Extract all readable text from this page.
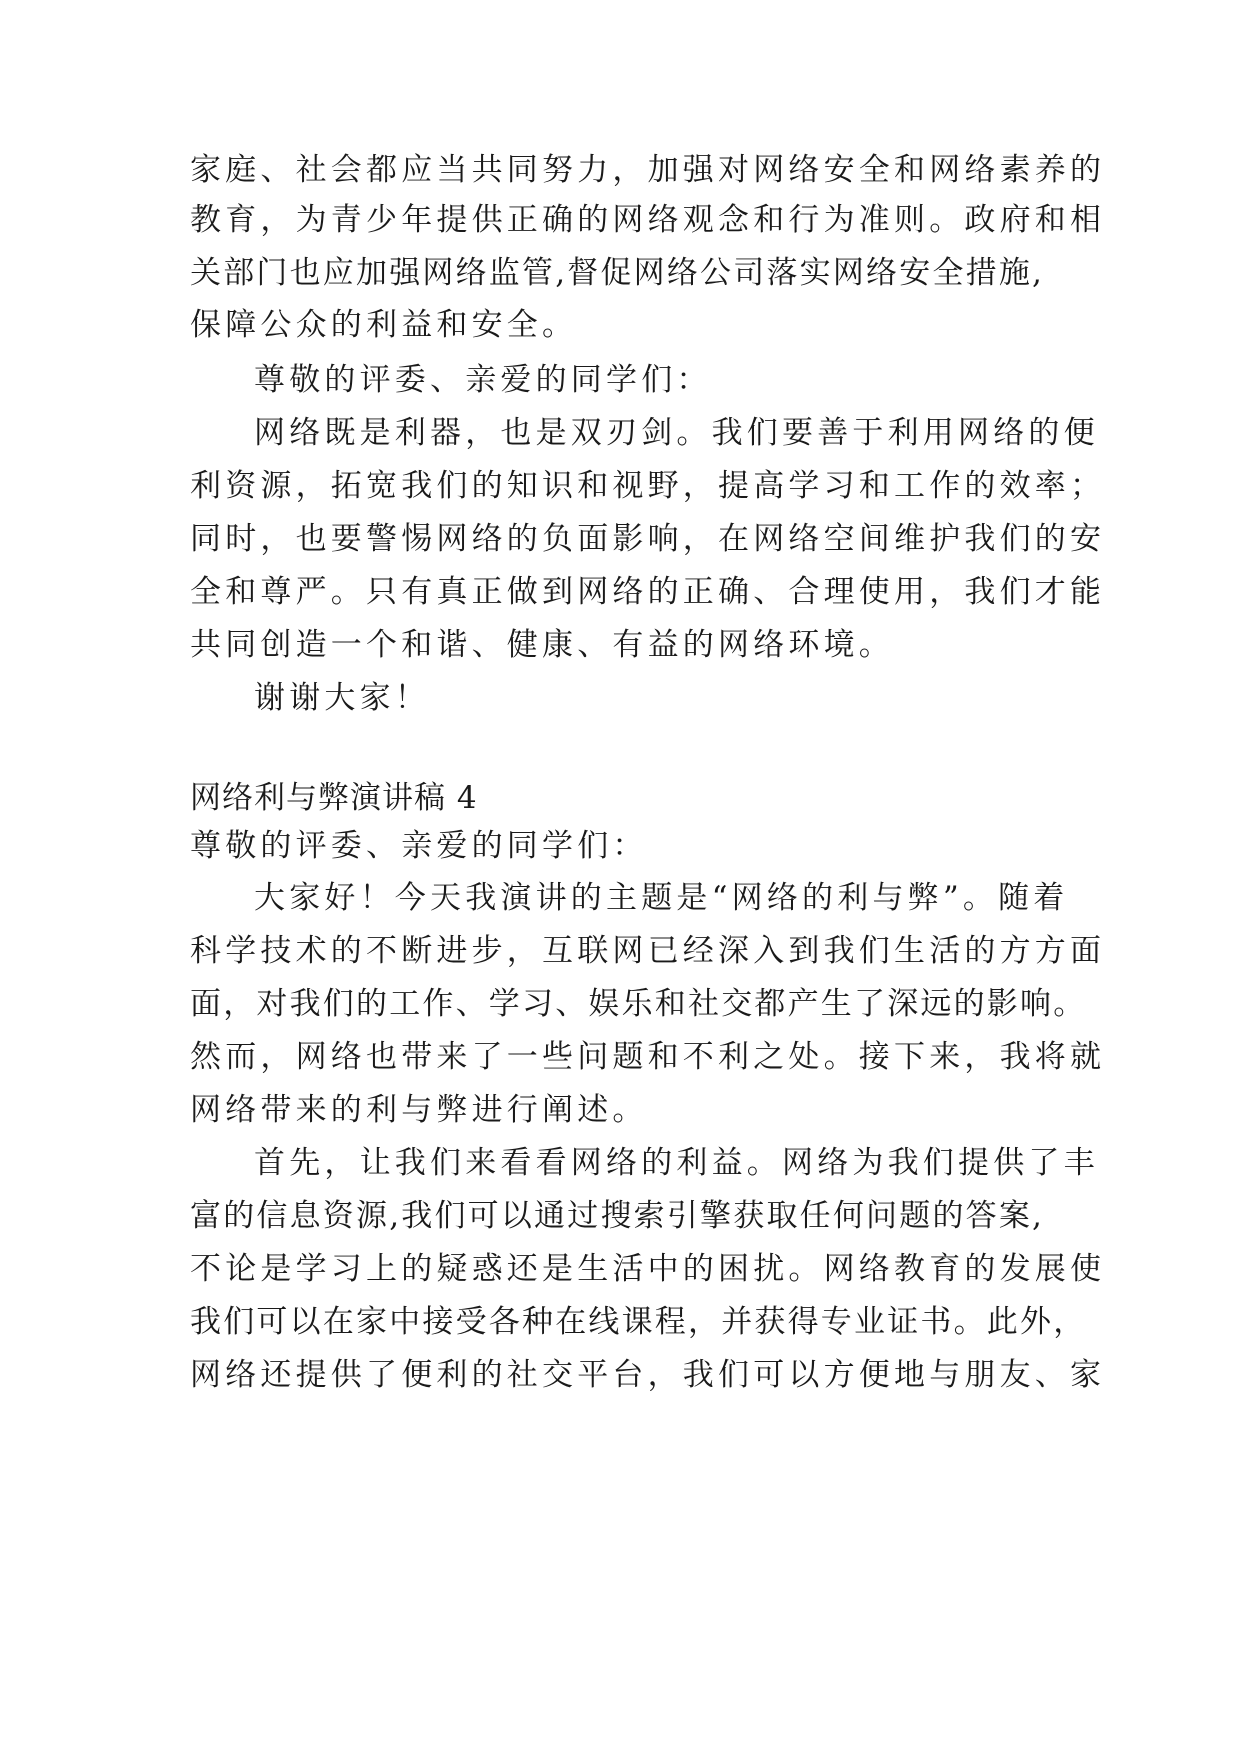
家庭、社会都应当共同努力，加强对网络安全和网络素养的
教育，为青少年提供正确的网络观念和行为准则。政府和相
关部门也应加强网络监管,督促网络公司落实网络安全措施,
保障公众的利益和安全。
尊敬的评委、亲爱的同学们：
网络既是利器，也是双刃剑。我们要善于利用网络的便
利资源，拓宽我们的知识和视野，提高学习和工作的效率；
同时，也要警惕网络的负面影响，在网络空间维护我们的安
全和尊严。只有真正做到网络的正确、合理使用，我们才能
共同创造一个和谐、健康、有益的网络环境。
谢谢大家！
网络利与弊演讲稿 4
尊敬的评委、亲爱的同学们：
大家好！今天我演讲的主题是“网络的利与弊”。随着
科学技术的不断进步，互联网已经深入到我们生活的方方面
面，对我们的工作、学习、娱乐和社交都产生了深远的影响。
然而，网络也带来了一些问题和不利之处。接下来，我将就
网络带来的利与弊进行阐述。
首先，让我们来看看网络的利益。网络为我们提供了丰
富的信息资源,我们可以通过搜索引擎获取任何问题的答案,
不论是学习上的疑惑还是生活中的困扰。网络教育的发展使
我们可以在家中接受各种在线课程，并获得专业证书。此外，
网络还提供了便利的社交平台，我们可以方便地与朋友、家
